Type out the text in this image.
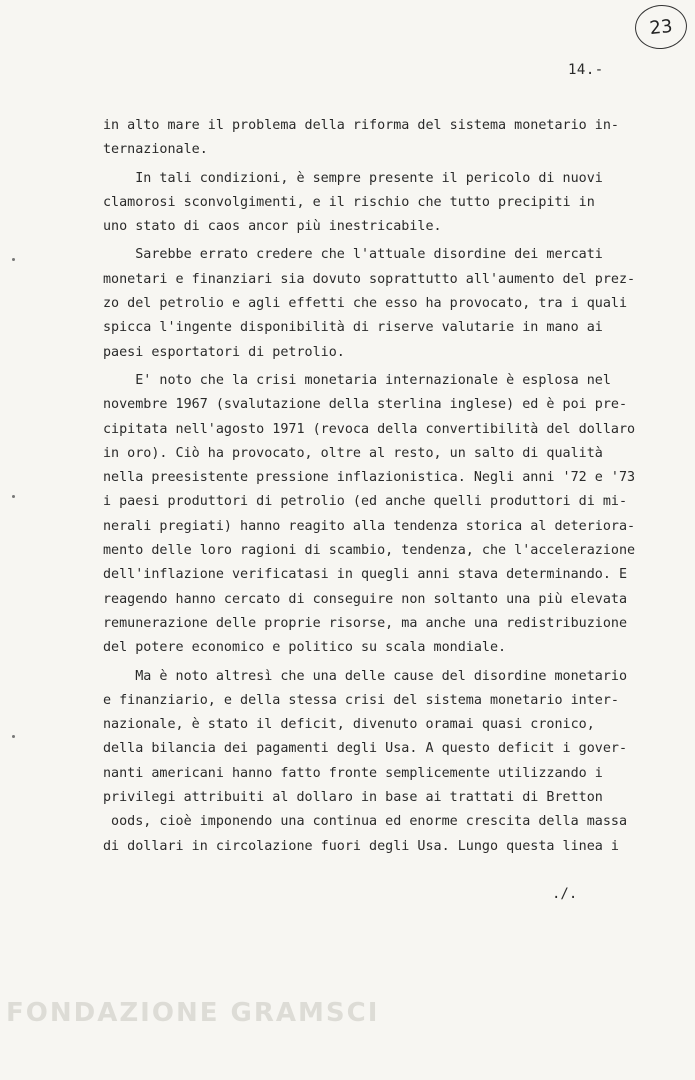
23
14.-
in alto mare il problema della riforma del sistema monetario in-
ternazionale.
In tali condizioni, è sempre presente il pericolo di nuovi
clamorosi sconvolgimenti, e il rischio che tutto precipiti in
uno stato di caos ancor più inestricabile.
Sarebbe errato credere che l'attuale disordine dei mercati
monetari e finanziari sia dovuto soprattutto all'aumento del prez-
zo del petrolio e agli effetti che esso ha provocato, tra i quali
spicca l'ingente disponibilità di riserve valutarie in mano ai
paesi esportatori di petrolio.
E' noto che la crisi monetaria internazionale è esplosa nel
novembre 1967 (svalutazione della sterlina inglese) ed è poi pre-
cipitata nell'agosto 1971 (revoca della convertibilità del dollaro
in oro). Ciò ha provocato, oltre al resto, un salto di qualità
nella preesistente pressione inflazionistica. Negli anni '72 e '73
i paesi produttori di petrolio (ed anche quelli produttori di mi-
nerali pregiati) hanno reagito alla tendenza storica al deteriora-
mento delle loro ragioni di scambio, tendenza, che l'accelerazione
dell'inflazione verificatasi in quegli anni stava determinando. E
reagendo hanno cercato di conseguire non soltanto una più elevata
remunerazione delle proprie risorse, ma anche una redistribuzione
del potere economico e politico su scala mondiale.
Ma è noto altresì che una delle cause del disordine monetario
e finanziario, e della stessa crisi del sistema monetario inter-
nazionale, è stato il deficit, divenuto oramai quasi cronico,
della bilancia dei pagamenti degli Usa. A questo deficit i gover-
nanti americani hanno fatto fronte semplicemente utilizzando i
privilegi attribuiti al dollaro in base ai trattati di Bretton
oods, cioè imponendo una continua ed enorme crescita della massa
di dollari in circolazione fuori degli Usa. Lungo questa linea i
./.
FONDAZIONE GRAMSCI
